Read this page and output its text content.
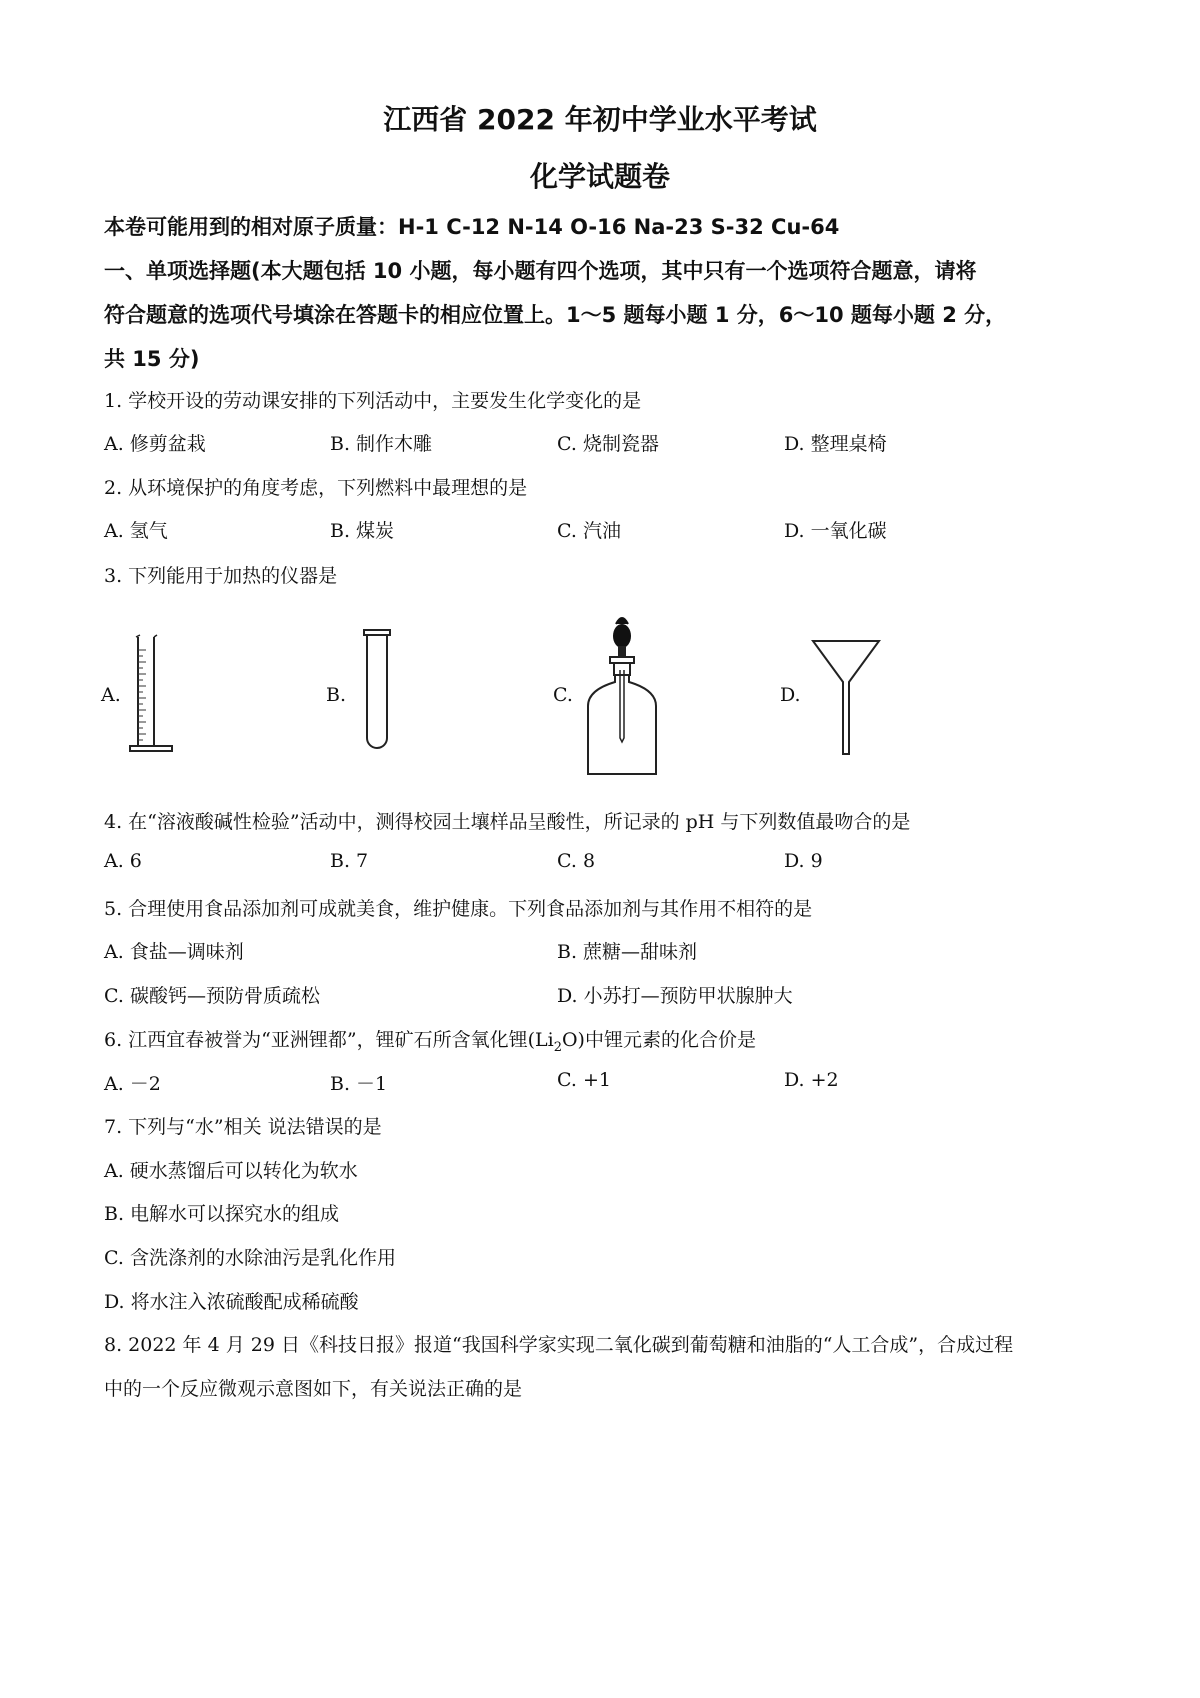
江西省 2022 年初中学业水平考试
化学试题卷
本卷可能用到的相对原子质量：H-1 C-12 N-14 O-16 Na-23 S-32 Cu-64
一、单项选择题(本大题包括 10 小题，每小题有四个选项，其中只有一个选项符合题意，请将
符合题意的选项代号填涂在答题卡的相应位置上。1～5 题每小题 1 分，6～10 题每小题 2 分，
共 15 分)
1. 学校开设的劳动课安排的下列活动中，主要发生化学变化的是
A. 修剪盆栽	B. 制作木雕	C. 烧制瓷器	D. 整理桌椅
2. 从环境保护的角度考虑，下列燃料中最理想的是
A. 氢气	B. 煤炭	C. 汽油	D. 一氧化碳
3. 下列能用于加热的仪器是
A.	B.	C.	D.
4. 在“溶液酸碱性检验”活动中，测得校园土壤样品呈酸性，所记录的 pH 与下列数值最吻合的是
A. 6	B. 7	C. 8	D. 9
5. 合理使用食品添加剂可成就美食，维护健康。下列食品添加剂与其作用不相符的是
A. 食盐—调味剂	B. 蔗糖—甜味剂
C. 碳酸钙—预防骨质疏松	D. 小苏打—预防甲状腺肿大
6. 江西宜春被誉为“亚洲锂都”，锂矿石所含氧化锂$(Li_2O)$中锂元素的化合价是
A. －2	B. －1	C. +1	D. +2
7. 下列与“水”相关 说法错误的是
A. 硬水蒸馏后可以转化为软水
B. 电解水可以探究水的组成
C. 含洗涤剂的水除油污是乳化作用
D. 将水注入浓硫酸配成稀硫酸
8. 2022 年 4 月 29 日《科技日报》报道“我国科学家实现二氧化碳到葡萄糖和油脂的“人工合成”，合成过程
中的一个反应微观示意图如下，有关说法正确的是
